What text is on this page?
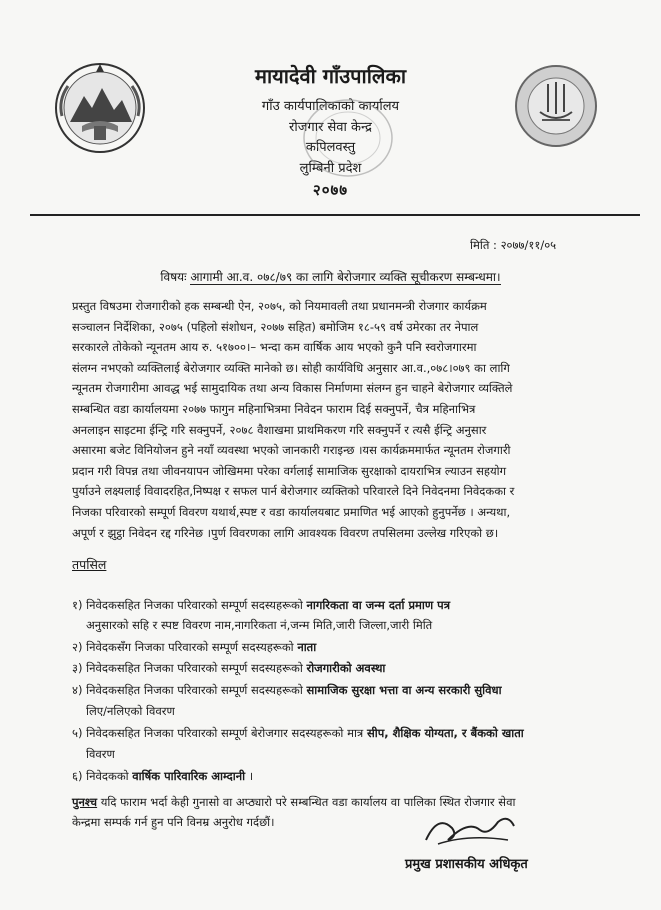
मायादेवी गाँउपालिका
गाँउ कार्यपालिकाको कार्यालय
रोजगार सेवा केन्द्र
कपिलवस्तु
लुम्बिनी प्रदेश
२०७७
मिति : २०७७/११/०५
विषयः आगामी आ.व. ०७८/७९ का लागि बेरोजगार व्यक्ति सूचीकरण सम्बन्धमा।
प्रस्तुत विषउमा रोजगारीको हक सम्बन्धी ऐन, २०७५, को नियमावली तथा प्रधानमन्त्री रोजगार कार्यक्रम
सञ्चालन निर्देशिका, २०७५ (पहिलो संशोधन, २०७७ सहित) बमोजिम १८-५९ वर्ष उमेरका तर नेपाल
सरकारले तोकेको न्यूनतम आय रु. ५१७००।– भन्दा कम वार्षिक आय भएको कुनै पनि स्वरोजगारमा
संलग्न नभएको व्यक्तिलाई बेरोजगार व्यक्ति मानेको छ। सोही कार्यविधि अनुसार आ.व.,०७८।०७९ का लागि
न्यूनतम रोजगारीमा आवद्ध भई सामुदायिक तथा अन्य विकास निर्माणमा संलग्न हुन चाहने बेरोजगार व्यक्तिले
सम्बन्धित वडा कार्यालयमा २०७७ फागुन महिनाभित्रमा निवेदन फाराम दिई सक्नुपर्ने, चैत्र महिनाभित्र
अनलाइन साइटमा ईन्ट्रि गरि सक्नुपर्ने, २०७८ वैशाखमा प्राथमिकरण गरि सक्नुपर्ने र त्यसै ईन्ट्रि अनुसार
असारमा बजेट विनियोजन हुने नयाँ व्यवस्था भएको जानकारी गराइन्छ ।यस कार्यक्रममार्फत न्यूनतम रोजगारी
प्रदान गरी विपन्न तथा जीवनयापन जोखिममा परेका वर्गलाई सामाजिक सुरक्षाको दायराभित्र ल्याउन सहयोग
पुर्याउने लक्ष्यलाई विवादरहित,निष्पक्ष र सफल पार्न बेरोजगार व्यक्तिको परिवारले दिने निवेदनमा निवेदकका र
निजका परिवारको सम्पूर्ण विवरण यथार्थ,स्पष्ट र वडा कार्यालयबाट प्रमाणित भई आएको हुनुपर्नेछ । अन्यथा,
अपूर्ण र झुट्ठा निवेदन रद्द गरिनेछ ।पुर्ण विवरणका लागि आवश्यक विवरण तपसिलमा उल्लेख गरिएको छ।
तपसिल
१) निवेदकसहित निजका परिवारको सम्पूर्ण सदस्यहरूको नागरिकता वा जन्म दर्ता प्रमाण पत्र
अनुसारको सहि र स्पष्ट विवरण नाम,नागरिकता नं,जन्म मिति,जारी जिल्ला,जारी मिति
२) निवेदकसँग निजका परिवारको सम्पूर्ण सदस्यहरूको नाता
३) निवेदकसहित निजका परिवारको सम्पूर्ण सदस्यहरूको रोजगारीको अवस्था
४) निवेदकसहित निजका परिवारको सम्पूर्ण सदस्यहरूको सामाजिक सुरक्षा भत्ता वा अन्य सरकारी सुविधा
लिए/नलिएको विवरण
५) निवेदकसहित निजका परिवारको सम्पूर्ण बेरोजगार सदस्यहरूको मात्र सीप, शैक्षिक योग्यता, र बैंकको खाता
विवरण
६) निवेदकको वार्षिक पारिवारिक आम्दानी ।
पुनश्च यदि फाराम भर्दा केही गुनासो वा अप्ठ्यारो परे सम्बन्धित वडा कार्यालय वा पालिका स्थित रोजगार सेवा
केन्द्रमा सम्पर्क गर्न हुन पनि विनम्र अनुरोध गर्दछौं।
प्रमुख प्रशासकीय अधिकृत
